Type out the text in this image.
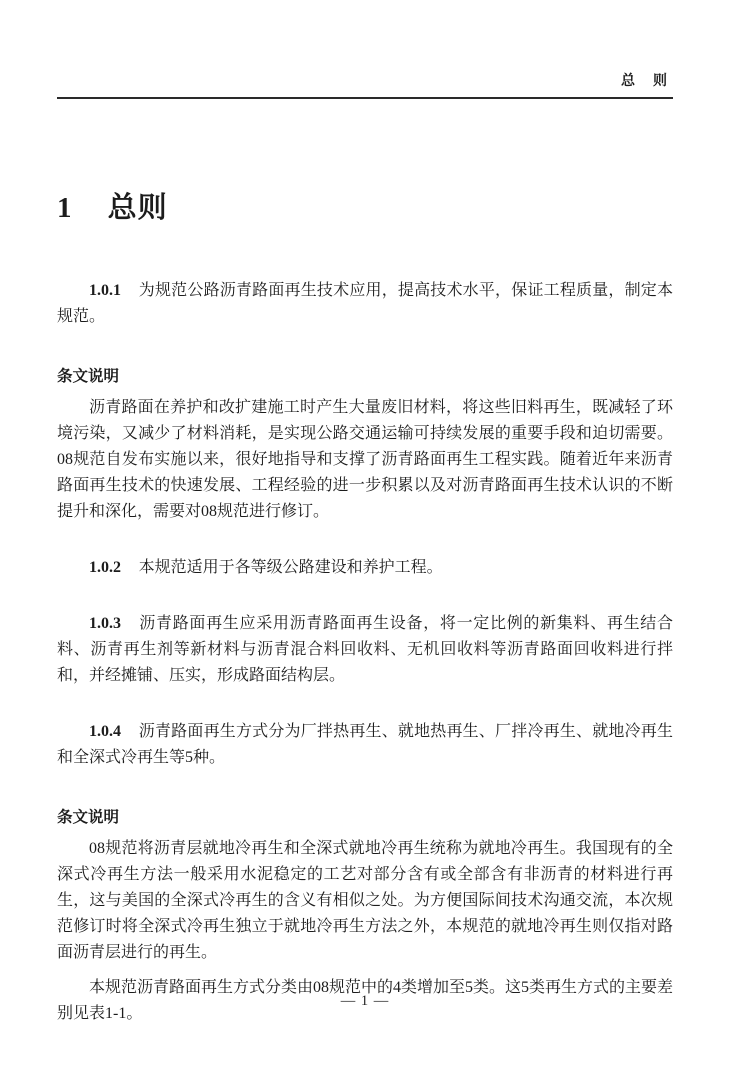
总　则
1 总则

1.0.1 为规范公路沥青路面再生技术应用，提高技术水平，保证工程质量，制定本规范。

条文说明

沥青路面在养护和改扩建施工时产生大量废旧材料，将这些旧料再生，既减轻了环境污染，又减少了材料消耗，是实现公路交通运输可持续发展的重要手段和迫切需要。08规范自发布实施以来，很好地指导和支撑了沥青路面再生工程实践。随着近年来沥青路面再生技术的快速发展、工程经验的进一步积累以及对沥青路面再生技术认识的不断提升和深化，需要对08规范进行修订。

1.0.2 本规范适用于各等级公路建设和养护工程。

1.0.3 沥青路面再生应采用沥青路面再生设备，将一定比例的新集料、再生结合料、沥青再生剂等新材料与沥青混合料回收料、无机回收料等沥青路面回收料进行拌和，并经摊铺、压实，形成路面结构层。

1.0.4 沥青路面再生方式分为厂拌热再生、就地热再生、厂拌冷再生、就地冷再生和全深式冷再生等5种。

条文说明

08规范将沥青层就地冷再生和全深式就地冷再生统称为就地冷再生。我国现有的全深式冷再生方法一般采用水泥稳定的工艺对部分含有或全部含有非沥青的材料进行再生，这与美国的全深式冷再生的含义有相似之处。为方便国际间技术沟通交流，本次规范修订时将全深式冷再生独立于就地冷再生方法之外，本规范的就地冷再生则仅指对路面沥青层进行的再生。

本规范沥青路面再生方式分类由08规范中的4类增加至5类。这5类再生方式的主要差别见表1-1。

— 1 —
